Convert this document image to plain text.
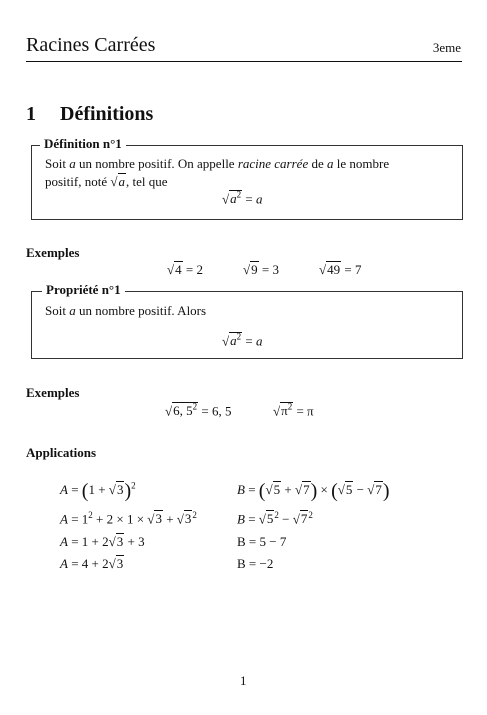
Racines Carrées	3eme
1 Définitions
Définition n°1
Soit a un nombre positif. On appelle racine carrée de a le nombre
positif, noté √a, tel que
$√a^2 = a$
Exemples
√4 = 2	√9 = 3	√49 = 7
Propriété n°1
Soit a un nombre positif. Alors
$√a^2 = a$
Exemples
√6, $5^2 = 6$, 5	$√\pi^2 = \pi$
Applications
$A = (1 + √3)^2$	B = (√5 + √7) × (√5 − √7)
$A = 1^2 + 2 \times 1 \times √3 + √3^2$	$B = √5^2 - √7^2$
A = 1 + 2√3 + 3	B = 5 − 7
A = 4 + 2√3	B = −2
1
